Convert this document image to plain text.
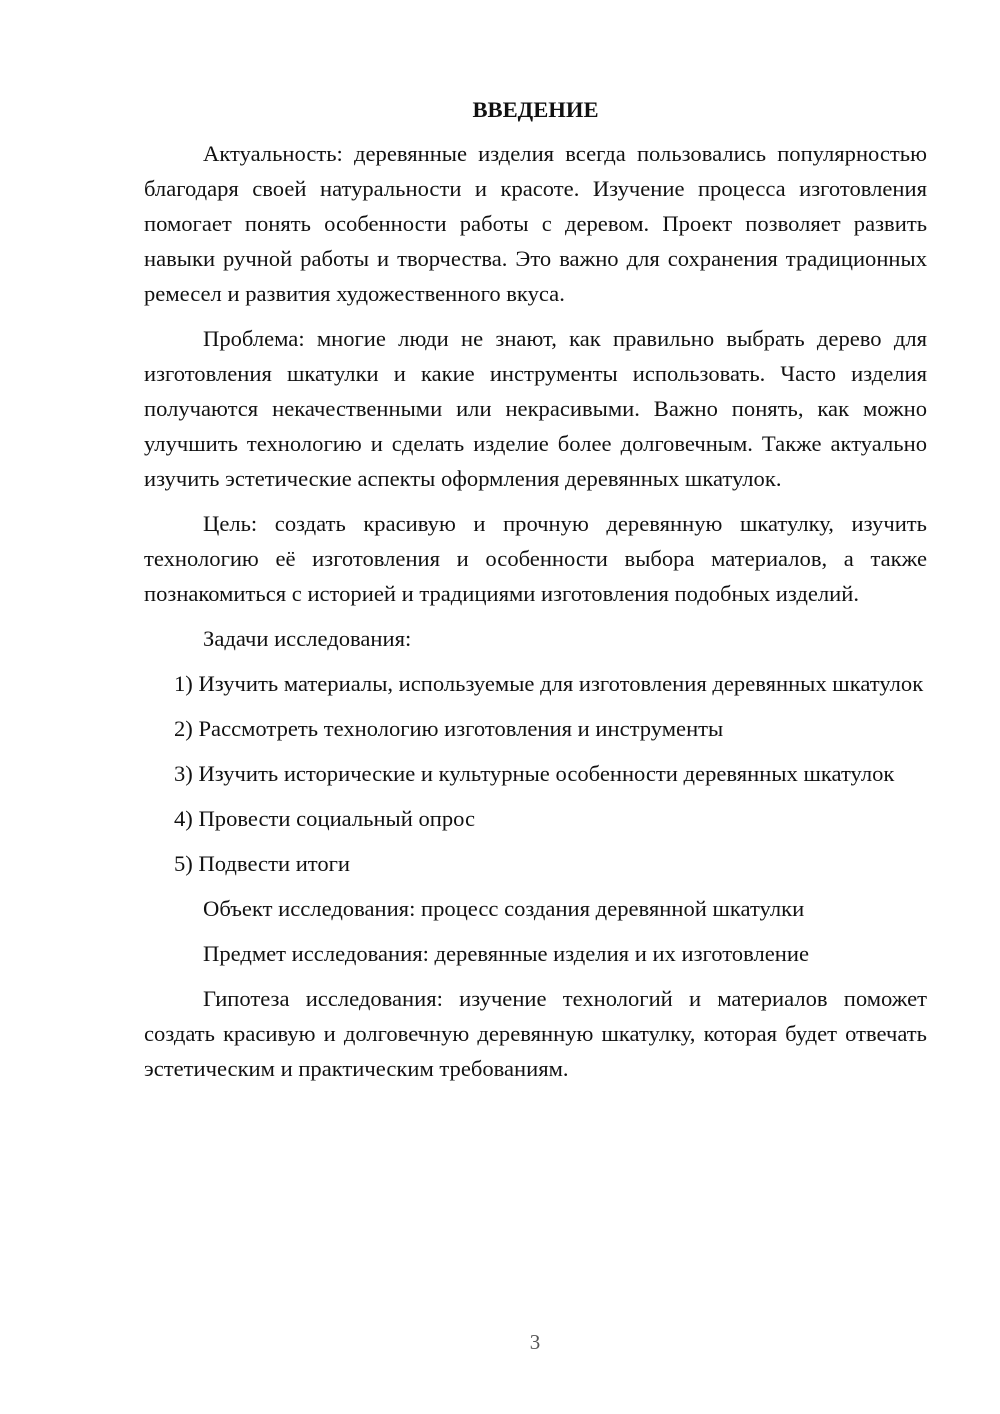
ВВЕДЕНИЕ

Актуальность: деревянные изделия всегда пользовались популярностью благодаря своей натуральности и красоте. Изучение процесса изготовления помогает понять особенности работы с деревом. Проект позволяет развить навыки ручной работы и творчества. Это важно для сохранения традиционных ремесел и развития художественного вкуса.

Проблема: многие люди не знают, как правильно выбрать дерево для изготовления шкатулки и какие инструменты использовать. Часто изделия получаются некачественными или некрасивыми. Важно понять, как можно улучшить технологию и сделать изделие более долговечным. Также актуально изучить эстетические аспекты оформления деревянных шкатулок.

Цель: создать красивую и прочную деревянную шкатулку, изучить технологию её изготовления и особенности выбора материалов, а также познакомиться с историей и традициями изготовления подобных изделий.

Задачи исследования:

1) Изучить материалы, используемые для изготовления деревянных шкатулок

2) Рассмотреть технологию изготовления и инструменты

3) Изучить исторические и культурные особенности деревянных шкатулок

4) Провести социальный опрос

5) Подвести итоги

Объект исследования: процесс создания деревянной шкатулки

Предмет исследования: деревянные изделия и их изготовление

Гипотеза исследования: изучение технологий и материалов поможет создать красивую и долговечную деревянную шкатулку, которая будет отвечать эстетическим и практическим требованиям.

3
